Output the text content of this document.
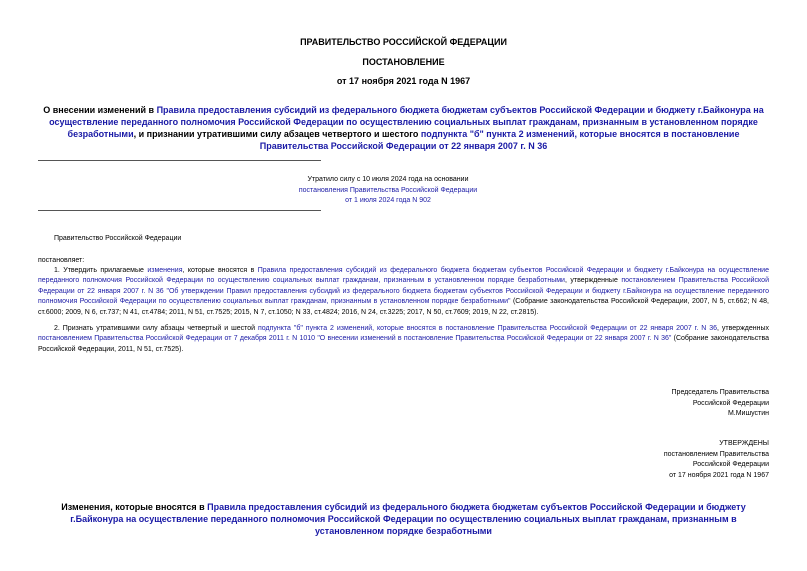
ПРАВИТЕЛЬСТВО РОССИЙСКОЙ ФЕДЕРАЦИИ
ПОСТАНОВЛЕНИЕ
от 17 ноября 2021 года N 1967
О внесении изменений в Правила предоставления субсидий из федерального бюджета бюджетам субъектов Российской Федерации и бюджету г.Байконура на осуществление переданного полномочия Российской Федерации по осуществлению социальных выплат гражданам, признанным в установленном порядке безработными, и признании утратившими силу абзацев четвертого и шестого подпункта "б" пункта 2 изменений, которые вносятся в постановление Правительства Российской Федерации от 22 января 2007 г. N 36
Утратило силу с 10 июля 2024 года на основании
постановления Правительства Российской Федерации
от 1 июля 2024 года N 902
Правительство Российской Федерации
постановляет:
1. Утвердить прилагаемые изменения, которые вносятся в Правила предоставления субсидий из федерального бюджета бюджетам субъектов Российской Федерации и бюджету г.Байконура на осуществление переданного полномочия Российской Федерации по осуществлению социальных выплат гражданам, признанным в установленном порядке безработными, утвержденные постановлением Правительства Российской Федерации от 22 января 2007 г. N 36 "Об утверждении Правил предоставления субсидий из федерального бюджета бюджетам субъектов Российской Федерации и бюджету г.Байконура на осуществление переданного полномочия Российской Федерации по осуществлению социальных выплат гражданам, признанным в установленном порядке безработными" (Собрание законодательства Российской Федерации, 2007, N 5, ст.662; N 48, ст.6000; 2009, N 6, ст.737; N 41, ст.4784; 2011, N 51, ст.7525; 2015, N 7, ст.1050; N 33, ст.4824; 2016, N 24, ст.3225; 2017, N 50, ст.7609; 2019, N 22, ст.2815).
2. Признать утратившими силу абзацы четвертый и шестой подпункта "б" пункта 2 изменений, которые вносятся в постановление Правительства Российской Федерации от 22 января 2007 г. N 36, утвержденных постановлением Правительства Российской Федерации от 7 декабря 2011 г. N 1010 "О внесении изменений в постановление Правительства Российской Федерации от 22 января 2007 г. N 36" (Собрание законодательства Российской Федерации, 2011, N 51, ст.7525).
Председатель Правительства
Российской Федерации
М.Мишустин
УТВЕРЖДЕНЫ
постановлением Правительства
Российской Федерации
от 17 ноября 2021 года N 1967
Изменения, которые вносятся в Правила предоставления субсидий из федерального бюджета бюджетам субъектов Российской Федерации и бюджету г.Байконура на осуществление переданного полномочия Российской Федерации по осуществлению социальных выплат гражданам, признанным в установленном порядке безработными
